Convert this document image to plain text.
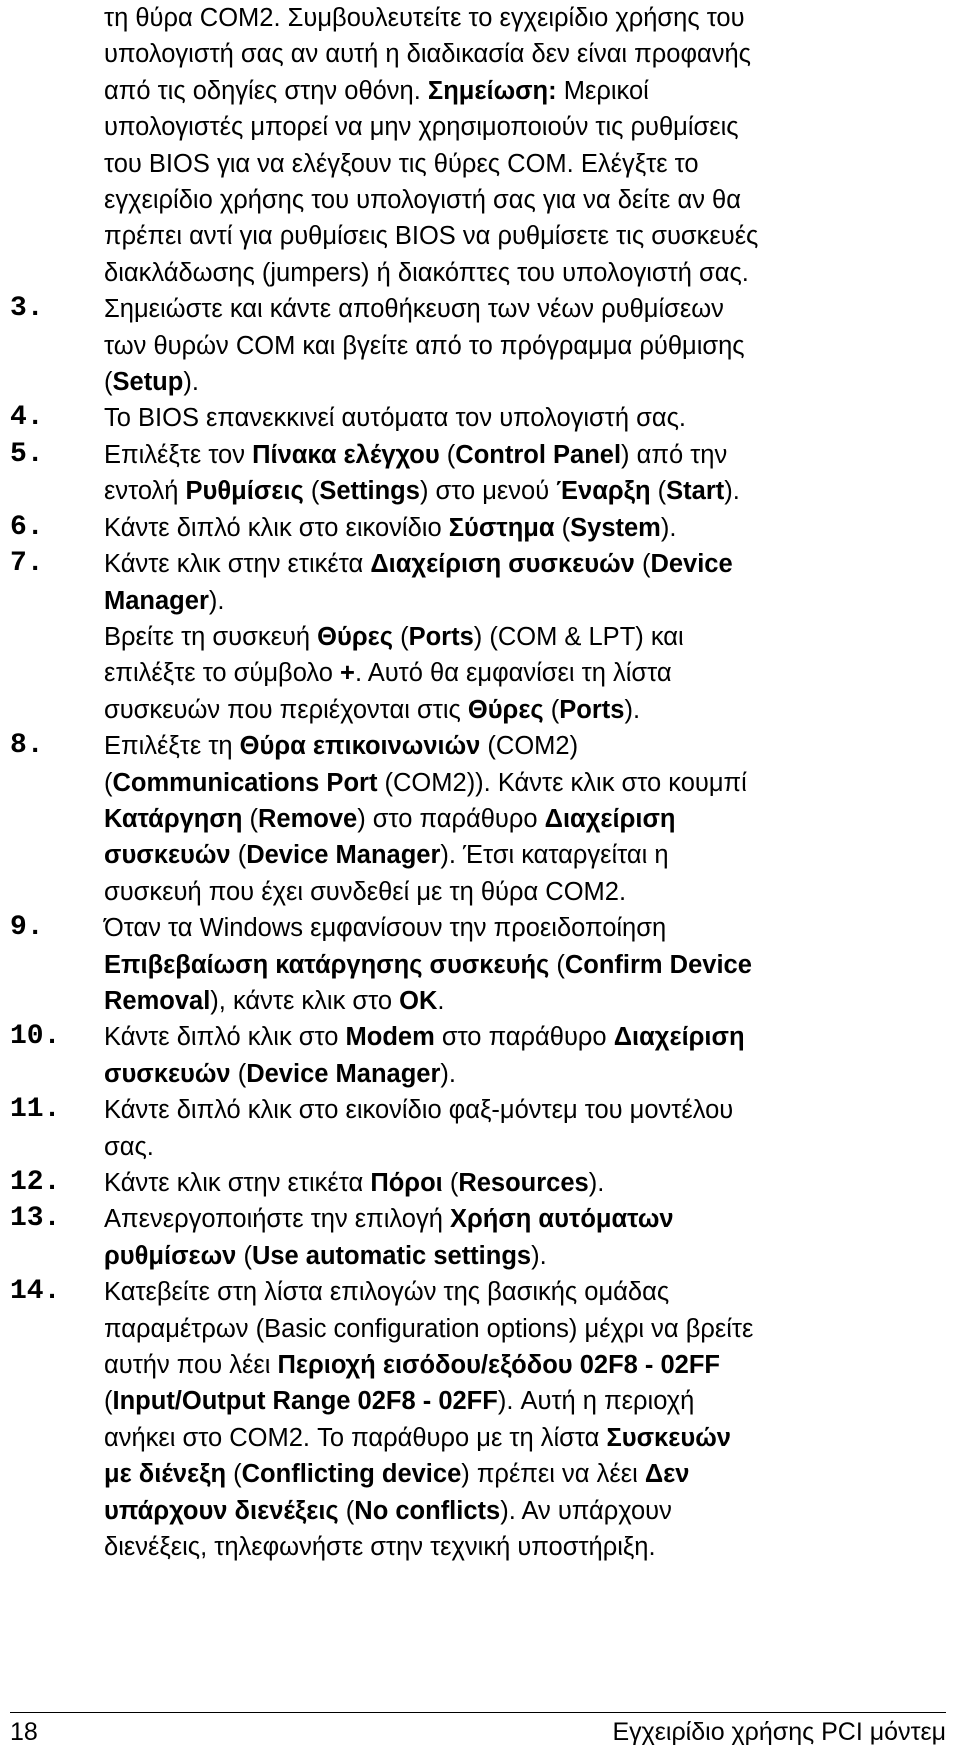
τη θύρα COM2. Συμβουλευτείτε το εγχειρίδιο χρήσης του
υπολογιστή σας αν αυτή η διαδικασία δεν είναι προφανής
από τις οδηγίες στην οθόνη. Σημείωση: Μερικοί
υπολογιστές μπορεί να μην χρησιμοποιούν τις ρυθμίσεις
του BIOS για να ελέγξουν τις θύρες COM. Ελέγξτε το
εγχειρίδιο χρήσης του υπολογιστή σας για να δείτε αν θα
πρέπει αντί για ρυθμίσεις BIOS να ρυθμίσετε τις συσκευές
διακλάδωσης (jumpers) ή διακόπτες του υπολογιστή σας.
3.	Σημειώστε και κάντε αποθήκευση των νέων ρυθμίσεων
των θυρών COM και βγείτε από το πρόγραμμα ρύθμισης
(Setup).
4.	Το BIOS επανεκκινεί αυτόματα τον υπολογιστή σας.
5.	Επιλέξτε τον Πίνακα ελέγχου (Control Panel) από την
εντολή Ρυθμίσεις (Settings) στο μενού Έναρξη (Start).
6.	Κάντε διπλό κλικ στο εικονίδιο Σύστημα (System).
7.	Κάντε κλικ στην ετικέτα Διαχείριση συσκευών (Device
Manager).
Βρείτε τη συσκευή Θύρες (Ports) (COM & LPT) και
επιλέξτε το σύμβολο +. Αυτό θα εμφανίσει τη λίστα
συσκευών που περιέχονται στις Θύρες (Ports).
8.	Επιλέξτε τη Θύρα επικοινωνιών (COM2)
(Communications Port (COM2)). Κάντε κλικ στο κουμπί
Κατάργηση (Remove) στο παράθυρο Διαχείριση
συσκευών (Device Manager). Έτσι καταργείται η
συσκευή που έχει συνδεθεί με τη θύρα COM2.
9.	Όταν τα Windows εμφανίσουν την προειδοποίηση
Επιβεβαίωση κατάργησης συσκευής (Confirm Device
Removal), κάντε κλικ στο OK.
10.	Κάντε διπλό κλικ στο Modem στο παράθυρο Διαχείριση
συσκευών (Device Manager).
11.	Κάντε διπλό κλικ στο εικονίδιο φαξ-μόντεμ του μοντέλου
σας.
12.	Κάντε κλικ στην ετικέτα Πόροι (Resources).
13.	Απενεργοποιήστε την επιλογή Χρήση αυτόματων
ρυθμίσεων (Use automatic settings).
14.	Κατεβείτε στη λίστα επιλογών της βασικής ομάδας
παραμέτρων (Basic configuration options) μέχρι να βρείτε
αυτήν που λέει Περιοχή εισόδου/εξόδου 02F8 - 02FF
(Input/Output Range 02F8 - 02FF). Αυτή η περιοχή
ανήκει στο COM2. Το παράθυρο με τη λίστα Συσκευών
με διένεξη (Conflicting device) πρέπει να λέει Δεν
υπάρχουν διενέξεις (No conflicts). Αν υπάρχουν
διενέξεις, τηλεφωνήστε στην τεχνική υποστήριξη.
18	Εγχειρίδιο χρήσης PCI μόντεμ
